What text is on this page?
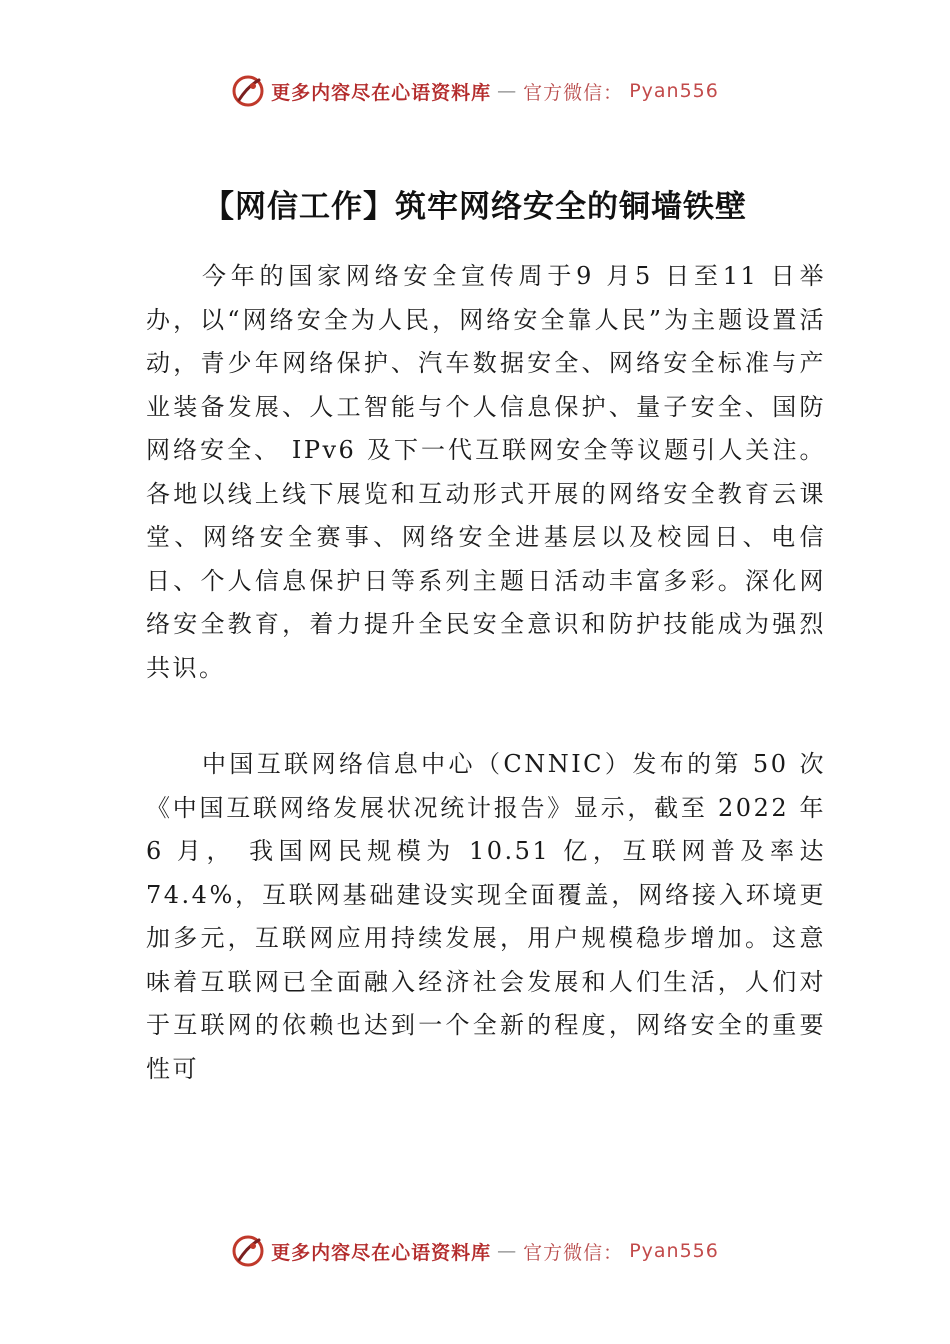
更多内容尽在心语资料库 — 官方微信： Pyan556
【网信工作】筑牢网络安全的铜墙铁壁

今年的国家网络安全宣传周于9 月5 日至11 日举办，以“网络安全为人民，网络安全靠人民”为主题设置活动，青少年网络保护、汽车数据安全、网络安全标准与产业装备发展、人工智能与个人信息保护、量子安全、国防网络安全、 IPv6 及下一代互联网安全等议题引人关注。各地以线上线下展览和互动形式开展的网络安全教育云课堂、网络安全赛事、网络安全进基层以及校园日、电信日、个人信息保护日等系列主题日活动丰富多彩。深化网络安全教育，着力提升全民安全意识和防护技能成为强烈共识。

中国互联网络信息中心（CNNIC）发布的第 50 次《中国互联网络发展状况统计报告》显示，截至 2022 年 6 月， 我国网民规模为 10.51 亿，互联网普及率达 74.4%，互联网基础建设实现全面覆盖，网络接入环境更加多元，互联网应用持续发展，用户规模稳步增加。这意味着互联网已全面融入经济社会发展和人们生活，人们对于互联网的依赖也达到一个全新的程度，网络安全的重要性可

更多内容尽在心语资料库 — 官方微信： Pyan556
